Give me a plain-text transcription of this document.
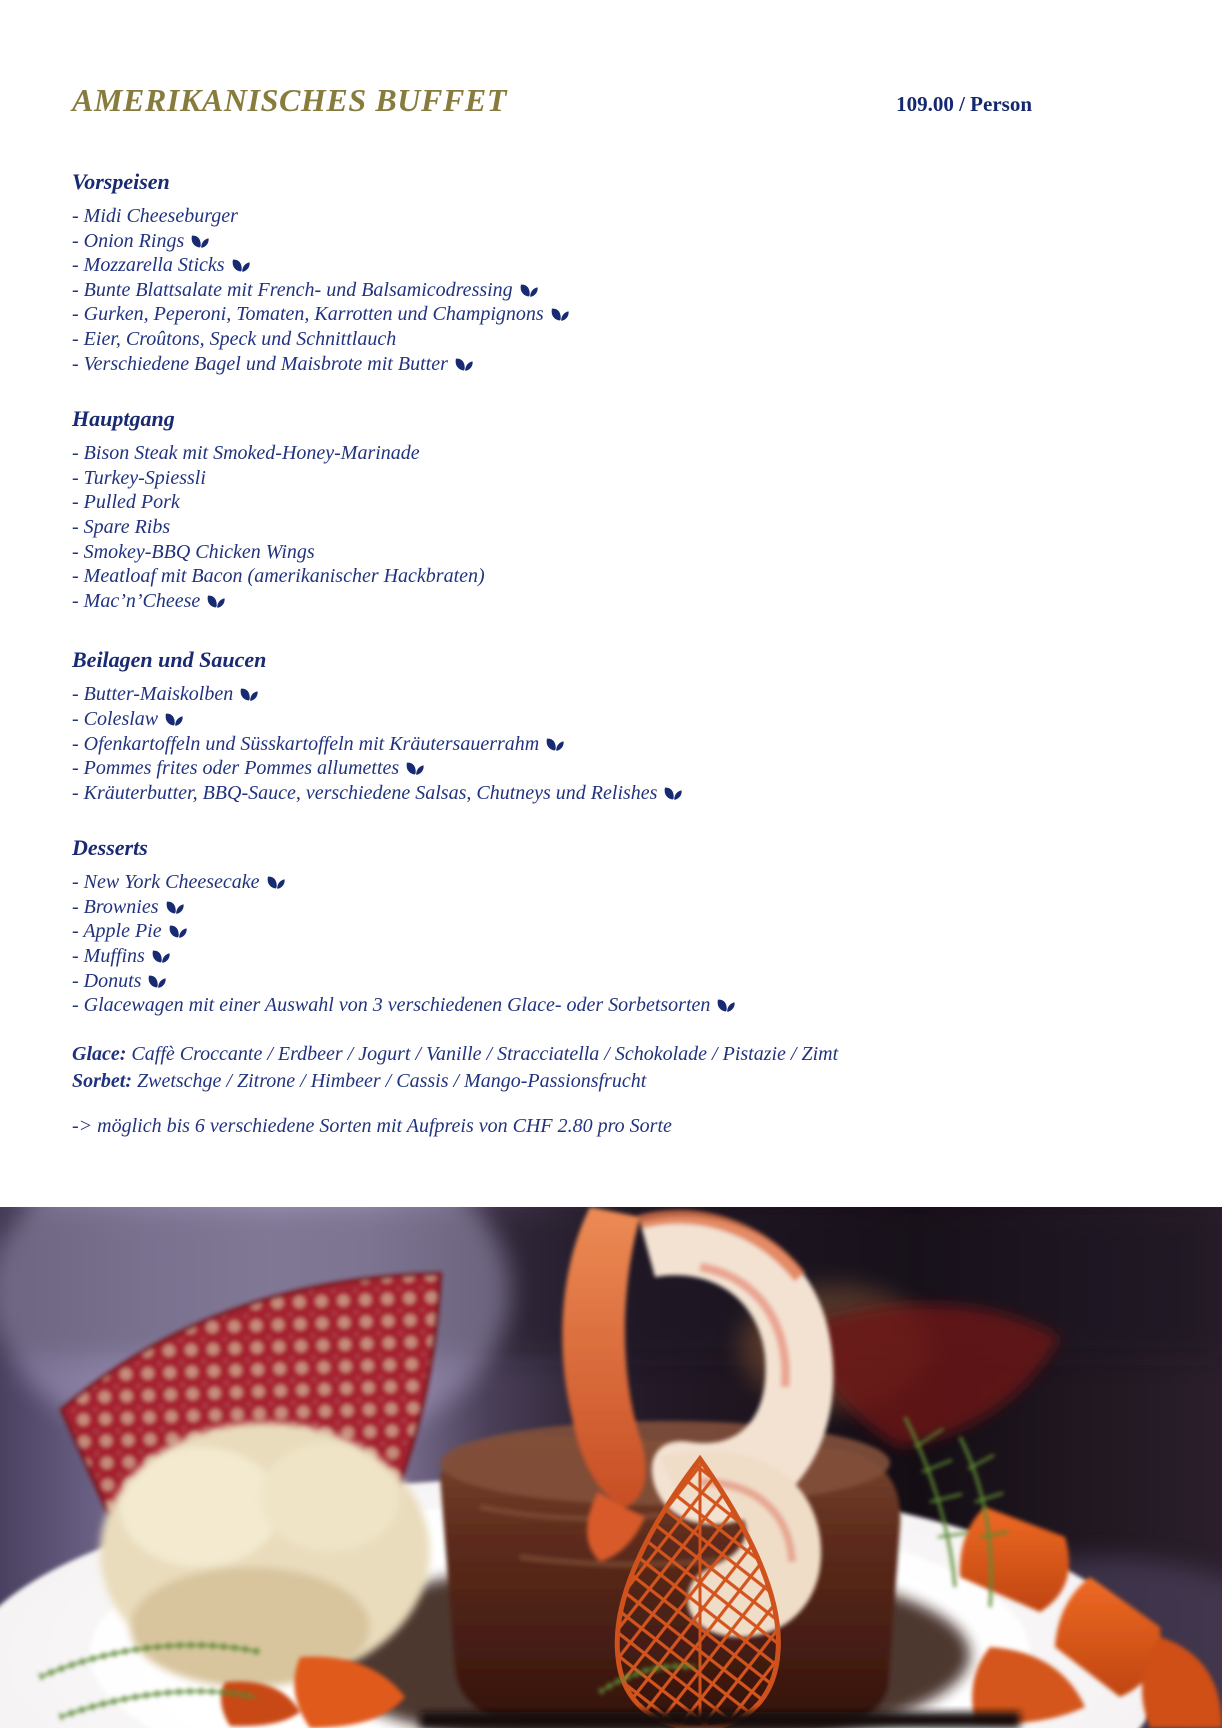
AMERIKANISCHES BUFFET	109.00 / Person
Vorspeisen
- Midi Cheeseburger
- Onion Rings
- Mozzarella Sticks
- Bunte Blattsalate mit French- und Balsamicodressing
- Gurken, Peperoni, Tomaten, Karrotten und Champignons
- Eier, Croûtons, Speck und Schnittlauch
- Verschiedene Bagel und Maisbrote mit Butter
Hauptgang
- Bison Steak mit Smoked-Honey-Marinade
- Turkey-Spiessli
- Pulled Pork
- Spare Ribs
- Smokey-BBQ Chicken Wings
- Meatloaf mit Bacon (amerikanischer Hackbraten)
- Mac’n’Cheese
Beilagen und Saucen
- Butter-Maiskolben
- Coleslaw
- Ofenkartoffeln und Süsskartoffeln mit Kräutersauerrahm
- Pommes frites oder Pommes allumettes
- Kräuterbutter, BBQ-Sauce, verschiedene Salsas, Chutneys und Relishes
Desserts
- New York Cheesecake
- Brownies
- Apple Pie
- Muffins
- Donuts
- Glacewagen mit einer Auswahl von 3 verschiedenen Glace- oder Sorbetsorten

Glace: Caffè Croccante / Erdbeer / Jogurt / Vanille / Stracciatella / Schokolade / Pistazie / Zimt

Sorbet: Zwetschge / Zitrone / Himbeer / Cassis / Mango-Passionsfrucht

-> möglich bis 6 verschiedene Sorten mit Aufpreis von CHF 2.80 pro Sorte
